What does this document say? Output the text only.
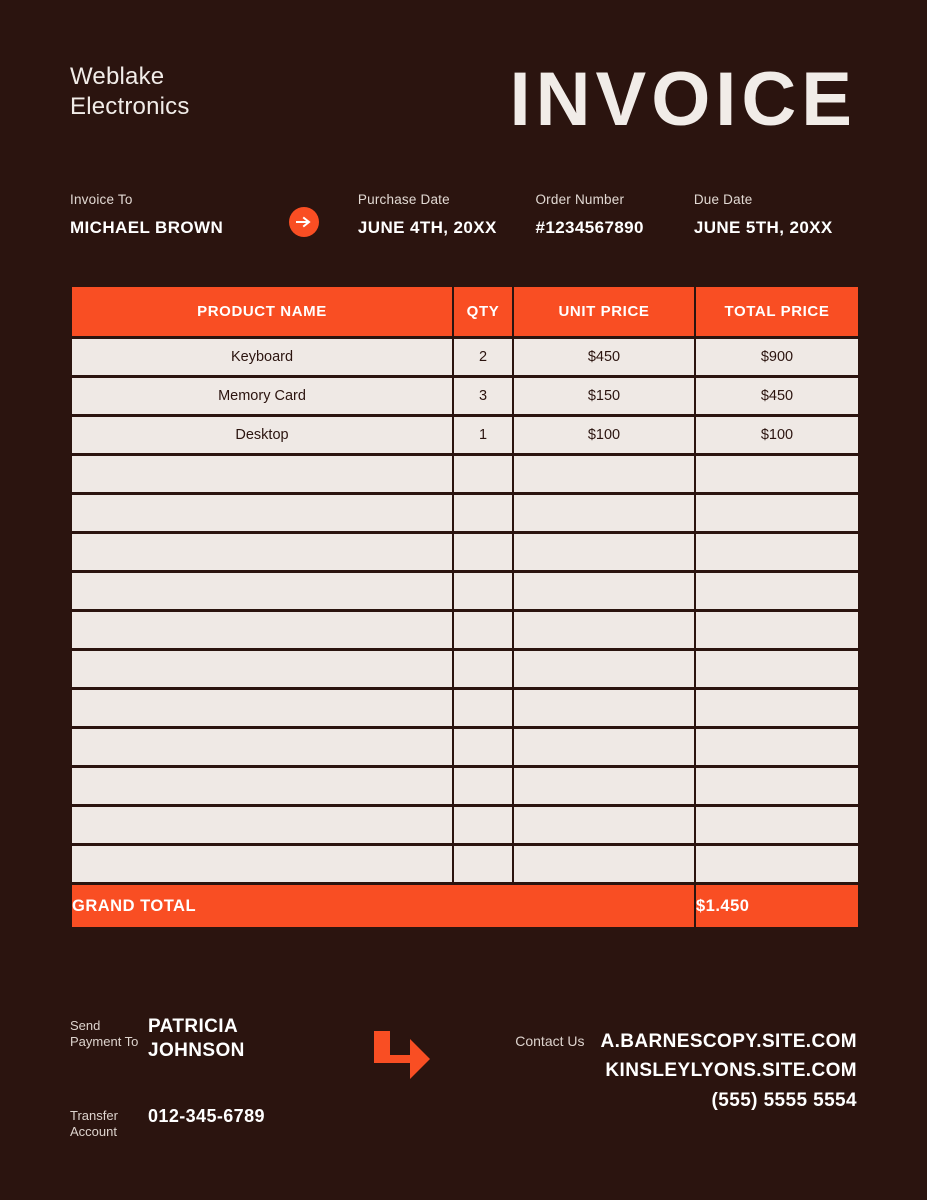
Weblake
Electronics	INVOICE
Invoice To
MICHAEL BROWN
Purchase Date
JUNE 4TH, 20XX
Order Number
#1234567890
Due Date
JUNE 5TH, 20XX
PRODUCT NAME	QTY	UNIT PRICE	TOTAL PRICE
Keyboard	2	$450	$900
Memory Card	3	$150	$450
Desktop	1	$100	$100

GRAND TOTAL			$1.450
Send
Payment To
PATRICIA
JOHNSON
Transfer
Account
012-345-6789
Contact Us A.BARNESCOPY.SITE.COM
KINSLEYLYONS.SITE.COM
(555) 5555 5554
